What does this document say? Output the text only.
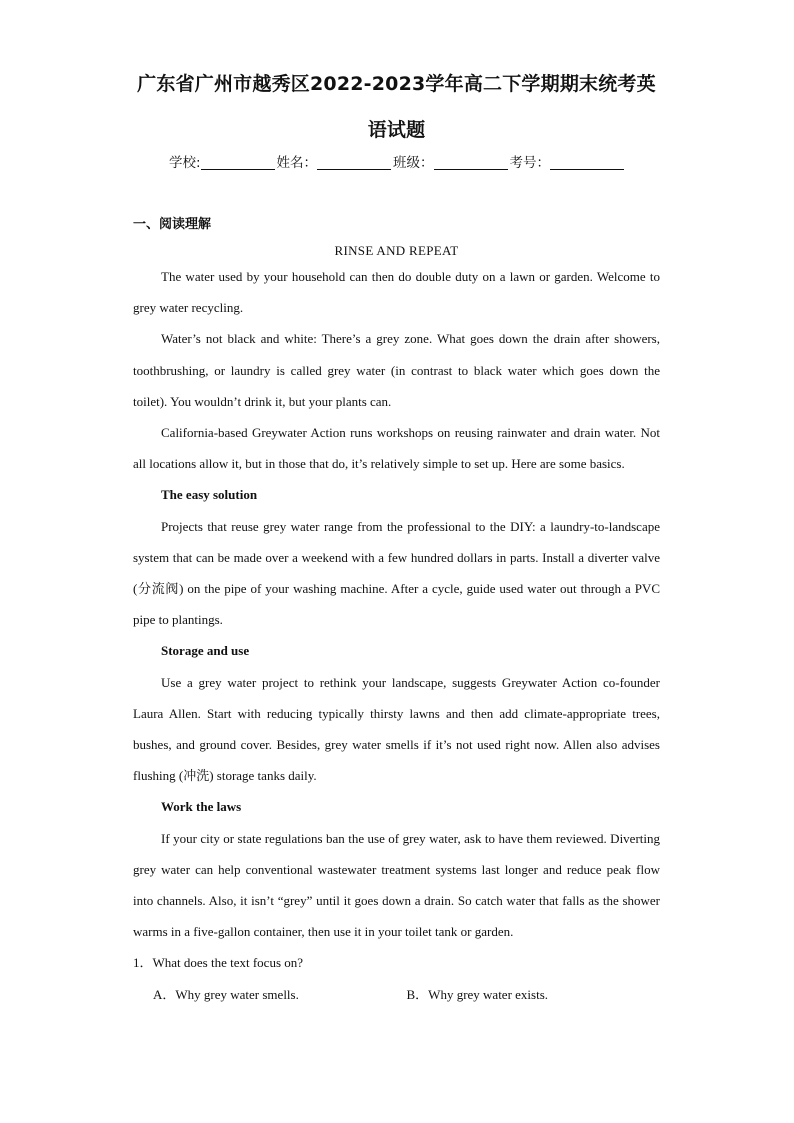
广东省广州市越秀区2022-2023学年高二下学期期末统考英
语试题
学校:	姓名：	班级：	考号：
一、阅读理解
RINSE AND REPEAT

The water used by your household can then do double duty on a lawn or garden. Welcome to grey water recycling.

Water’s not black and white: There’s a grey zone. What goes down the drain after showers, toothbrushing, or laundry is called grey water (in contrast to black water which goes down the toilet). You wouldn’t drink it, but your plants can.

California-based Greywater Action runs workshops on reusing rainwater and drain water. Not all locations allow it, but in those that do, it’s relatively simple to set up. Here are some basics.

The easy solution

Projects that reuse grey water range from the professional to the DIY: a laundry-to-landscape system that can be made over a weekend with a few hundred dollars in parts. Install a diverter valve (分流阀) on the pipe of your washing machine. After a cycle, guide used water out through a PVC pipe to plantings.

Storage and use

Use a grey water project to rethink your landscape, suggests Greywater Action co-founder Laura Allen. Start with reducing typically thirsty lawns and then add climate-appropriate trees, bushes, and ground cover. Besides, grey water smells if it’s not used right now. Allen also advises flushing (冲洗) storage tanks daily.

Work the laws

If your city or state regulations ban the use of grey water, ask to have them reviewed. Diverting grey water can help conventional wastewater treatment systems last longer and reduce peak flow into channels. Also, it isn’t “grey” until it goes down a drain. So catch water that falls as the shower warms in a five-gallon container, then use it in your toilet tank or garden.

1．What does the text focus on?
A．Why grey water smells.	B．Why grey water exists.
